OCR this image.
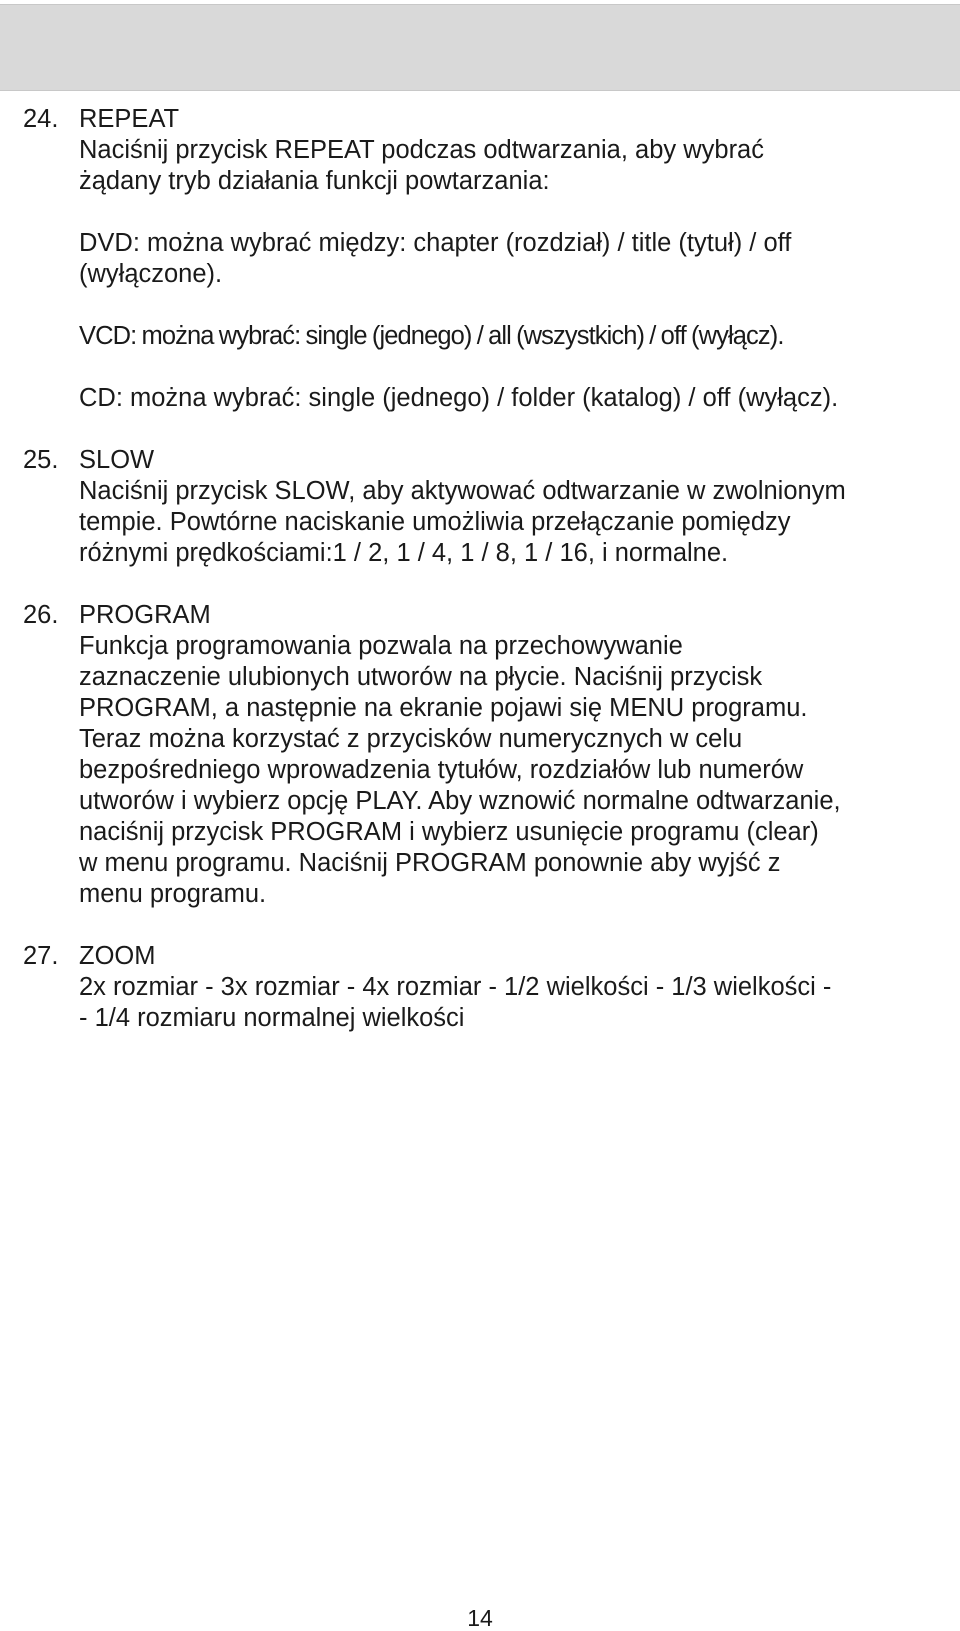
24. REPEAT
Naciśnij przycisk REPEAT podczas odtwarzania, aby wybrać
żądany tryb działania funkcji powtarzania:
DVD: można wybrać między: chapter (rozdział) / title (tytuł) / off
(wyłączone).
VCD: można wybrać: single (jednego) / all (wszystkich) / off (wyłącz).
CD: można wybrać: single (jednego) / folder (katalog) / off (wyłącz).
25. SLOW
Naciśnij przycisk SLOW, aby aktywować odtwarzanie w zwolnionym
tempie. Powtórne naciskanie umożliwia przełączanie pomiędzy
różnymi prędkościami:1 / 2, 1 / 4, 1 / 8, 1 / 16, i normalne.
26. PROGRAM
Funkcja programowania pozwala na przechowywanie
zaznaczenie ulubionych utworów na płycie. Naciśnij przycisk
PROGRAM, a następnie na ekranie pojawi się MENU programu.
Teraz można korzystać z przycisków numerycznych w celu
bezpośredniego wprowadzenia tytułów, rozdziałów lub numerów
utworów i wybierz opcję PLAY. Aby wznowić normalne odtwarzanie,
naciśnij przycisk PROGRAM i wybierz usunięcie programu (clear)
w menu programu. Naciśnij PROGRAM ponownie aby wyjść z
menu programu.
27. ZOOM
2x rozmiar - 3x rozmiar - 4x rozmiar - 1/2 wielkości - 1/3 wielkości -
- 1/4 rozmiaru normalnej wielkości
14
